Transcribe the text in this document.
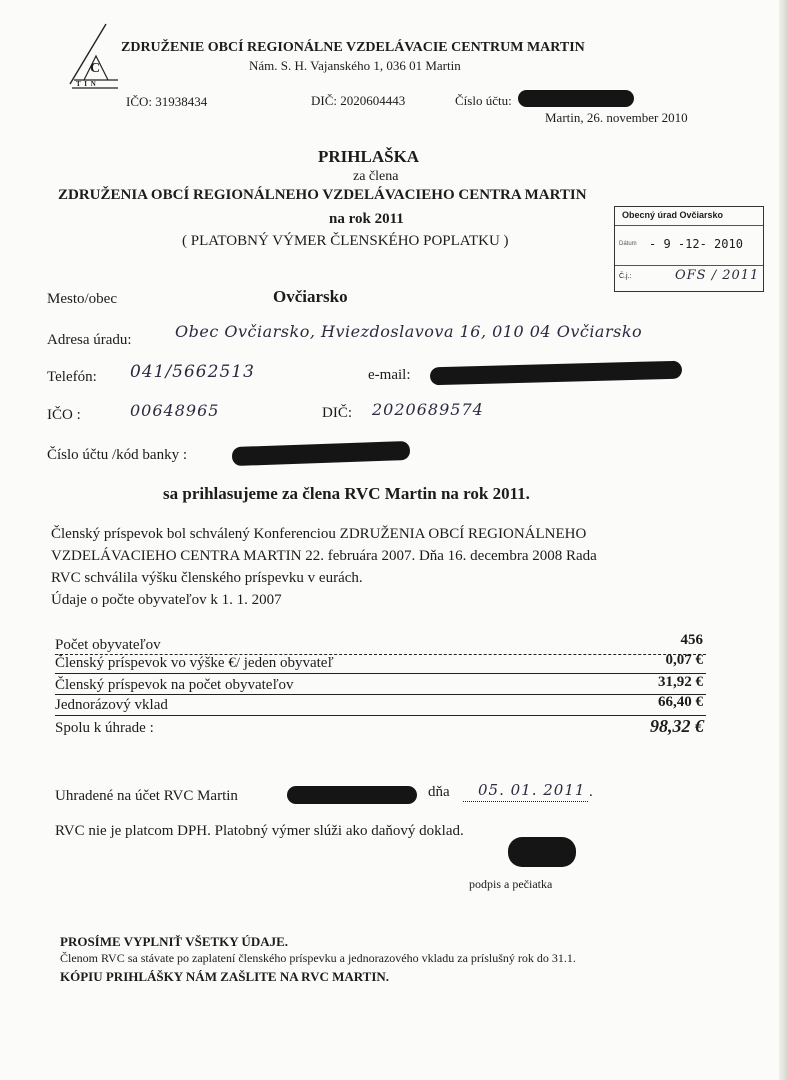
C
T I N
ZDRUŽENIE OBCÍ REGIONÁLNE VZDELÁVACIE CENTRUM MARTIN
Nám. S. H. Vajanského 1, 036 01 Martin
IČO: 31938434	DIČ: 2020604443	Číslo účtu:
Martin, 26. november 2010
PRIHLAŠKA
za člena
ZDRUŽENIA OBCÍ REGIONÁLNEHO VZDELÁVACIEHO CENTRA MARTIN
na rok 2011
( PLATOBNÝ VÝMER ČLENSKÉHO POPLATKU )
Obecný úrad Ovčiarsko
Dátum - 9 -12- 2010
Č.j.:	OFS / 2011
Mesto/obec	Ovčiarsko
Adresa úradu:	Obec Ovčiarsko, Hviezdoslavova 16, 010 04 Ovčiarsko
Telefón: 041/5662513	e-mail:
IČO :	00648965	DIČ: 2020689574
Číslo účtu /kód banky :
sa prihlasujeme za člena RVC Martin na rok 2011.
Členský príspevok bol schválený Konferenciou ZDRUŽENIA OBCÍ REGIONÁLNEHO
VZDELÁVACIEHO CENTRA MARTIN 22. februára 2007. Dňa 16. decembra 2008 Rada
RVC schválila výšku členského príspevku v eurách.
Údaje o počte obyvateľov k 1. 1. 2007
Počet obyvateľov	456
Členský príspevok vo výške €/ jeden obyvateľ	0,07 €
Členský príspevok na počet obyvateľov	31,92 €
Jednorázový vklad	66,40 €
Spolu k úhrade :	98,32 €
Uhradené na účet RVC Martin	dňa 05. 01. 2011 .
RVC nie je platcom DPH. Platobný výmer slúži ako daňový doklad.
podpis a pečiatka
PROSÍME VYPLNIŤ VŠETKY ÚDAJE.
Členom RVC sa stávate po zaplatení členského príspevku a jednorazového vkladu za príslušný rok do 31.1.
KÓPIU PRIHLÁŠKY NÁM ZAŠLITE NA RVC MARTIN.
